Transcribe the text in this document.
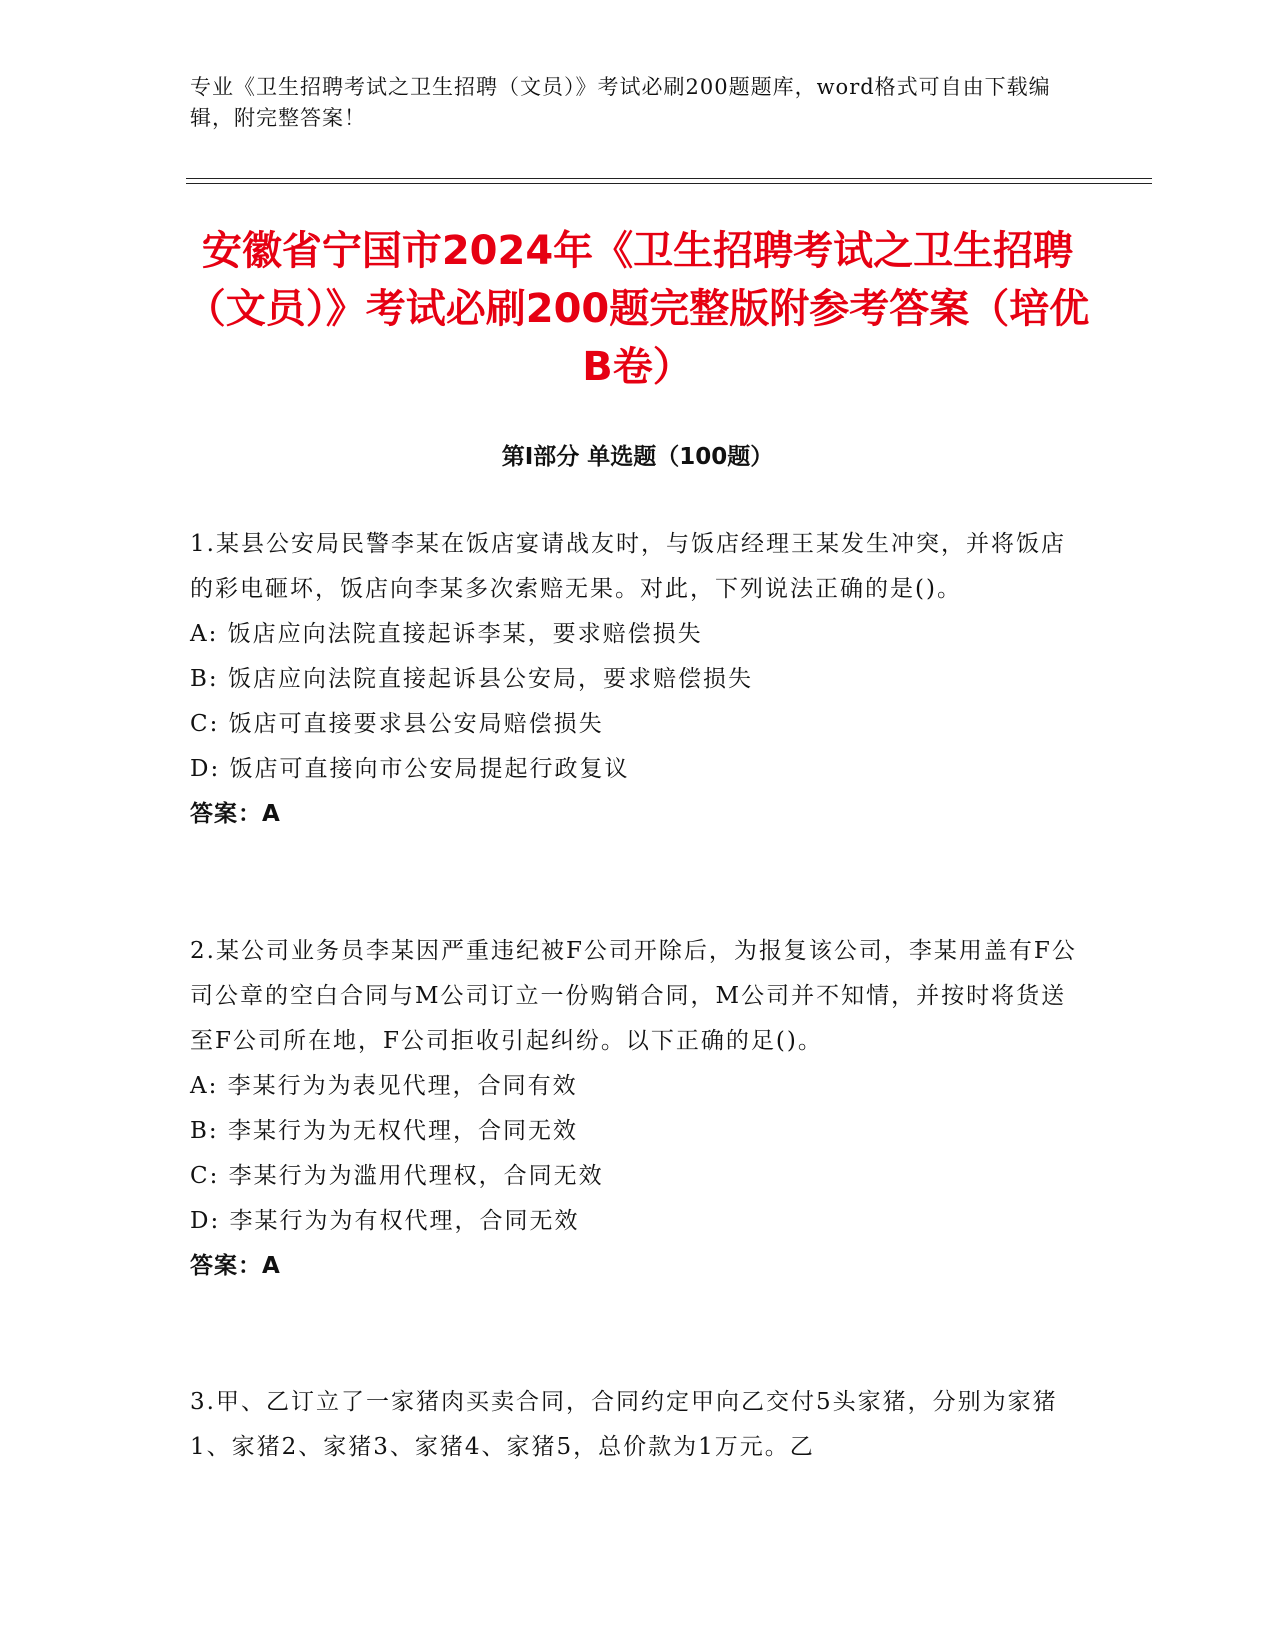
专业《卫生招聘考试之卫生招聘（文员）》考试必刷200题题库，word格式可自由下载编辑，附完整答案！
安徽省宁国市2024年《卫生招聘考试之卫生招聘（文员）》考试必刷200题完整版附参考答案（培优B卷）
第Ⅰ部分 单选题（100题）

1.某县公安局民警李某在饭店宴请战友时，与饭店经理王某发生冲突，并将饭店的彩电砸坏，饭店向李某多次索赔无果。对此，下列说法正确的是()。

A: 饭店应向法院直接起诉李某，要求赔偿损失

B: 饭店应向法院直接起诉县公安局，要求赔偿损失

C: 饭店可直接要求县公安局赔偿损失

D: 饭店可直接向市公安局提起行政复议

答案：A

2.某公司业务员李某因严重违纪被F公司开除后，为报复该公司，李某用盖有F公司公章的空白合同与M公司订立一份购销合同，M公司并不知情，并按时将货送至F公司所在地，F公司拒收引起纠纷。以下正确的足()。

A: 李某行为为表见代理，合同有效

B: 李某行为为无权代理，合同无效

C: 李某行为为滥用代理权，合同无效

D: 李某行为为有权代理，合同无效

答案：A

3.甲、乙订立了一家猪肉买卖合同，合同约定甲向乙交付5头家猪，分别为家猪1、家猪2、家猪3、家猪4、家猪5，总价款为1万元。乙
